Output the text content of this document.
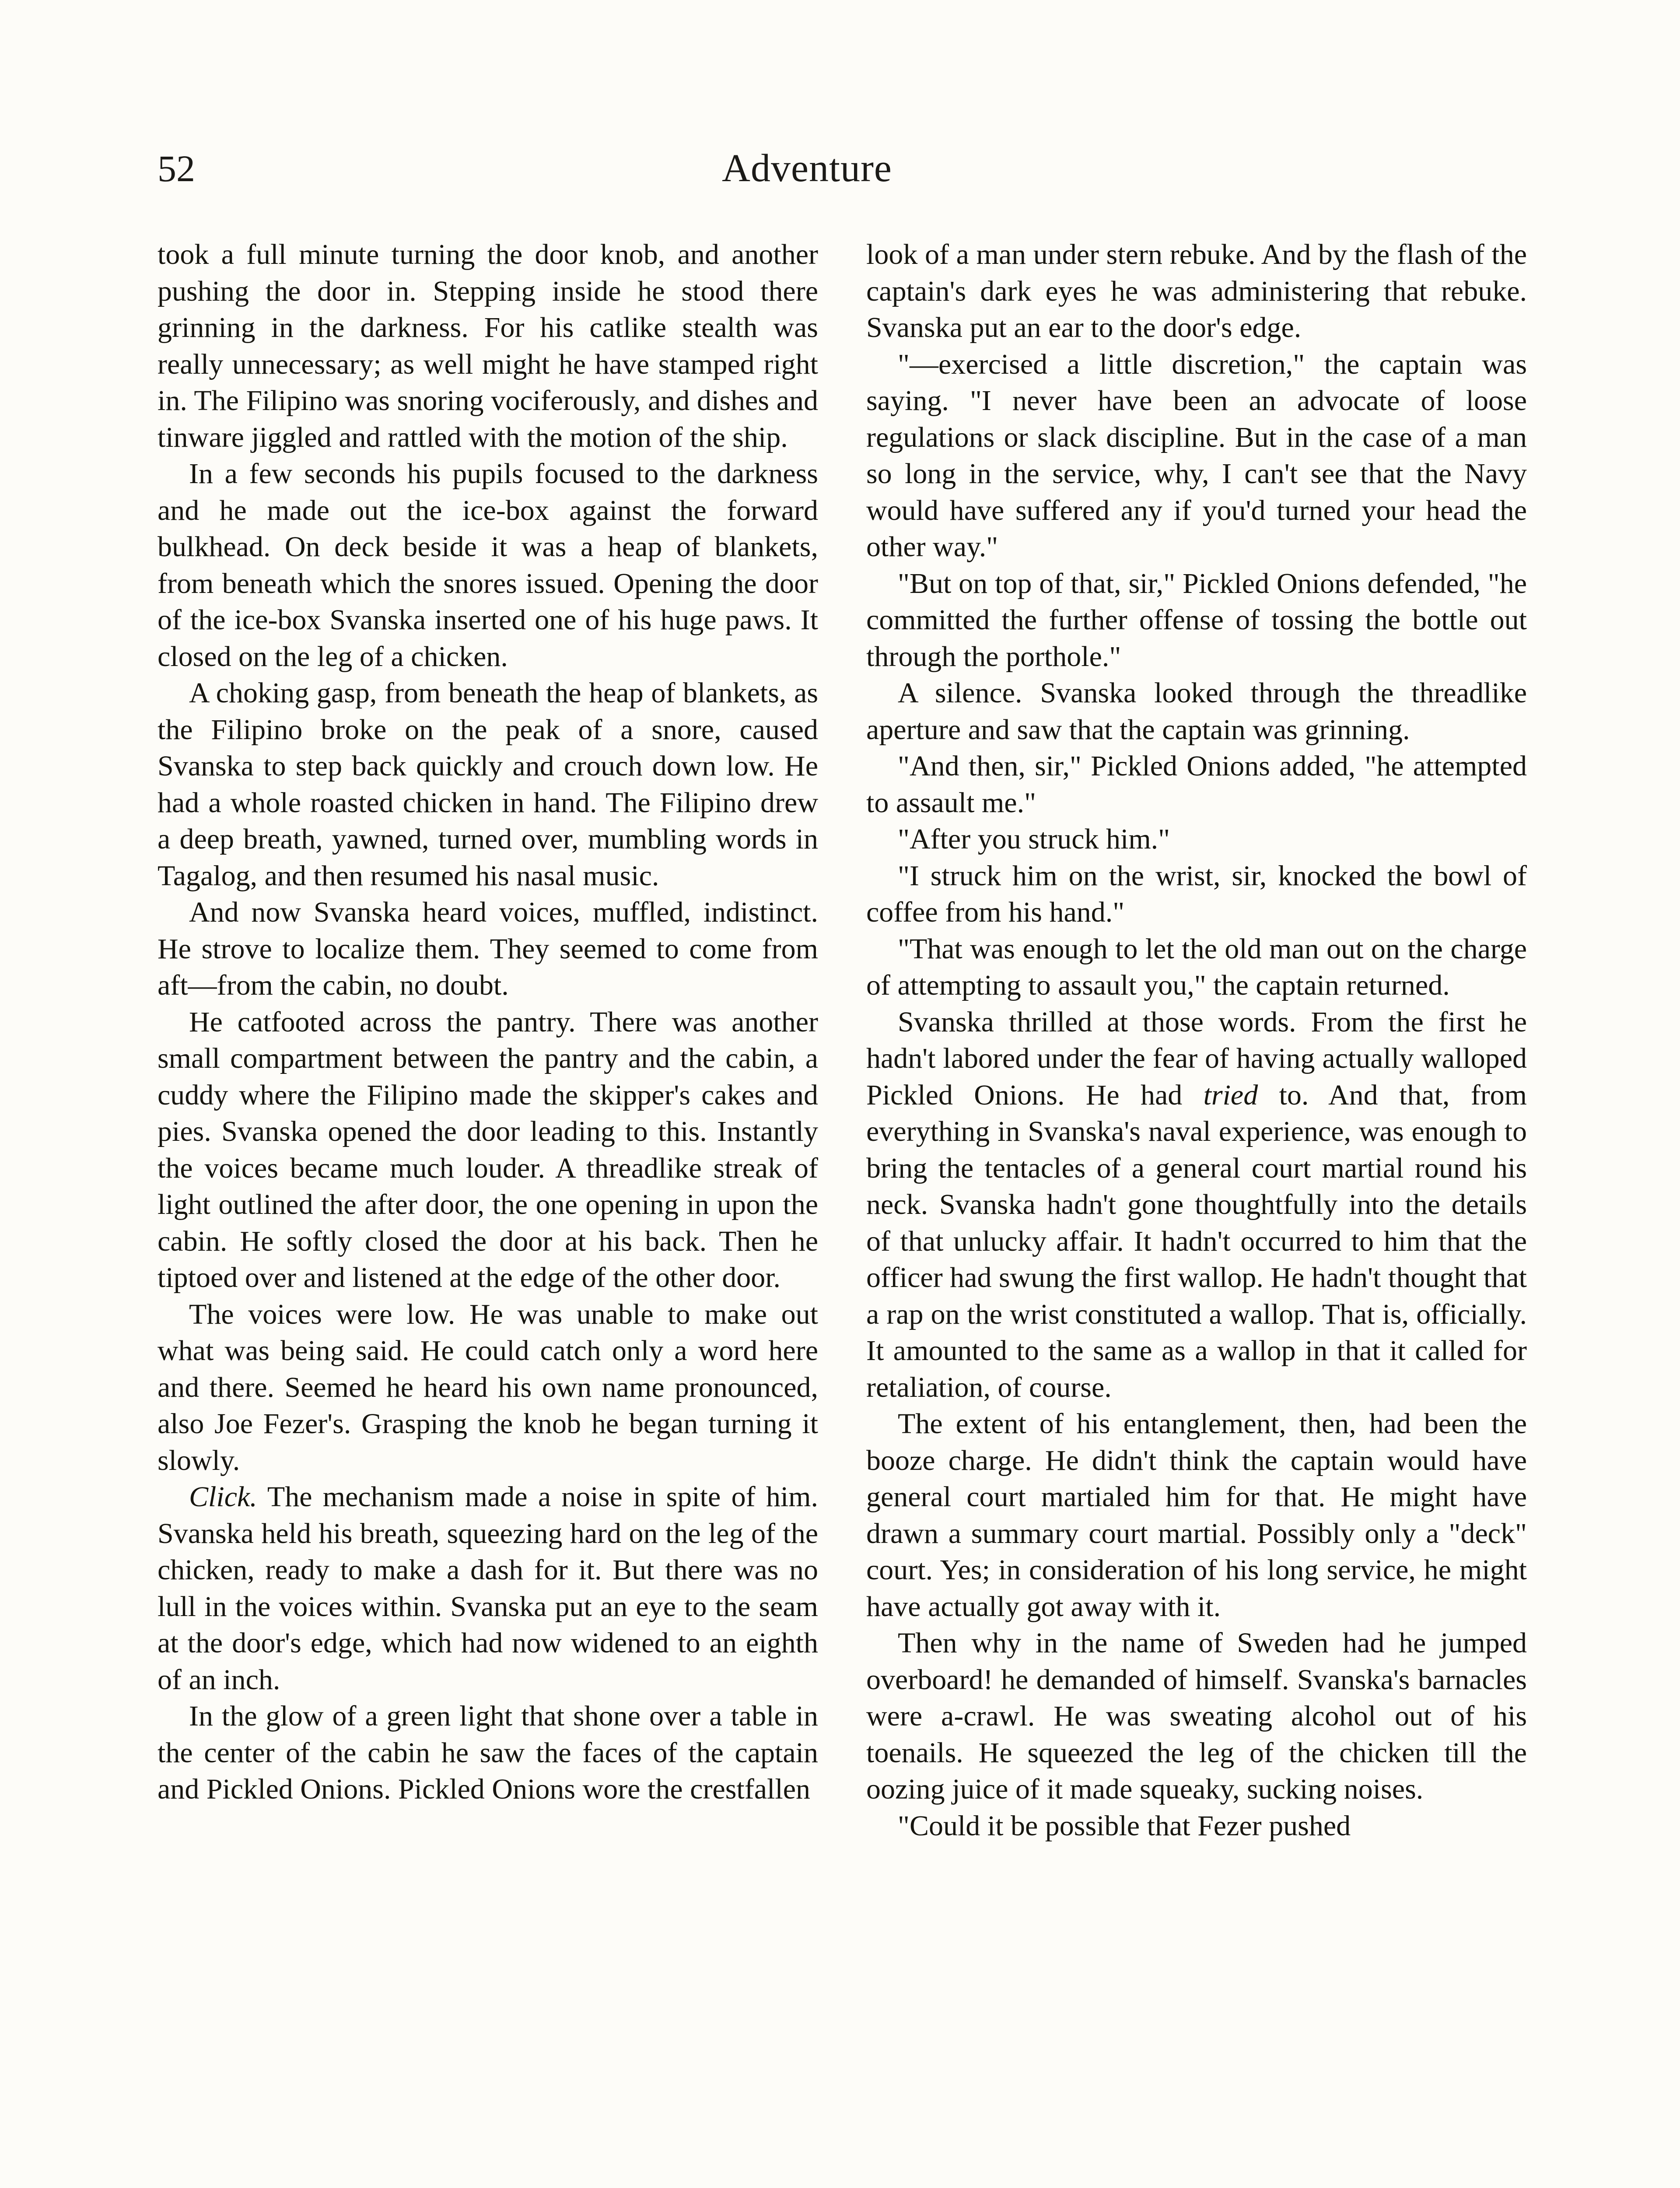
52	Adventure

took a full minute turning the door knob, and another pushing the door in. Stepping inside he stood there grinning in the darkness. For his catlike stealth was really unnecessary; as well might he have stamped right in. The Filipino was snoring vociferously, and dishes and tinware jiggled and rattled with the motion of the ship.

In a few seconds his pupils focused to the darkness and he made out the ice-box against the forward bulkhead. On deck beside it was a heap of blankets, from beneath which the snores issued. Opening the door of the ice-box Svanska inserted one of his huge paws. It closed on the leg of a chicken.

A choking gasp, from beneath the heap of blankets, as the Filipino broke on the peak of a snore, caused Svanska to step back quickly and crouch down low. He had a whole roasted chicken in hand. The Filipino drew a deep breath, yawned, turned over, mumbling words in Tagalog, and then resumed his nasal music.

And now Svanska heard voices, muffled, indistinct. He strove to localize them. They seemed to come from aft—from the cabin, no doubt.

He catfooted across the pantry. There was another small compartment between the pantry and the cabin, a cuddy where the Filipino made the skipper's cakes and pies. Svanska opened the door leading to this. Instantly the voices became much louder. A threadlike streak of light outlined the after door, the one opening in upon the cabin. He softly closed the door at his back. Then he tiptoed over and listened at the edge of the other door.

The voices were low. He was unable to make out what was being said. He could catch only a word here and there. Seemed he heard his own name pronounced, also Joe Fezer's. Grasping the knob he began turning it slowly.

Click. The mechanism made a noise in spite of him. Svanska held his breath, squeezing hard on the leg of the chicken, ready to make a dash for it. But there was no lull in the voices within. Svanska put an eye to the seam at the door's edge, which had now widened to an eighth of an inch.

In the glow of a green light that shone over a table in the center of the cabin he saw the faces of the captain and Pickled Onions. Pickled Onions wore the crestfallen

look of a man under stern rebuke. And by the flash of the captain's dark eyes he was administering that rebuke. Svanska put an ear to the door's edge.

"—exercised a little discretion," the captain was saying. "I never have been an advocate of loose regulations or slack discipline. But in the case of a man so long in the service, why, I can't see that the Navy would have suffered any if you'd turned your head the other way."

"But on top of that, sir," Pickled Onions defended, "he committed the further offense of tossing the bottle out through the porthole."

A silence. Svanska looked through the threadlike aperture and saw that the captain was grinning.

"And then, sir," Pickled Onions added, "he attempted to assault me."

"After you struck him."

"I struck him on the wrist, sir, knocked the bowl of coffee from his hand."

"That was enough to let the old man out on the charge of attempting to assault you," the captain returned.

Svanska thrilled at those words. From the first he hadn't labored under the fear of having actually walloped Pickled Onions. He had tried to. And that, from everything in Svanska's naval experience, was enough to bring the tentacles of a general court martial round his neck. Svanska hadn't gone thoughtfully into the details of that unlucky affair. It hadn't occurred to him that the officer had swung the first wallop. He hadn't thought that a rap on the wrist constituted a wallop. That is, officially. It amounted to the same as a wallop in that it called for retaliation, of course.

The extent of his entanglement, then, had been the booze charge. He didn't think the captain would have general court martialed him for that. He might have drawn a summary court martial. Possibly only a "deck" court. Yes; in consideration of his long service, he might have actually got away with it.

Then why in the name of Sweden had he jumped overboard! he demanded of himself. Svanska's barnacles were a-crawl. He was sweating alcohol out of his toenails. He squeezed the leg of the chicken till the oozing juice of it made squeaky, sucking noises.

"Could it be possible that Fezer pushed
